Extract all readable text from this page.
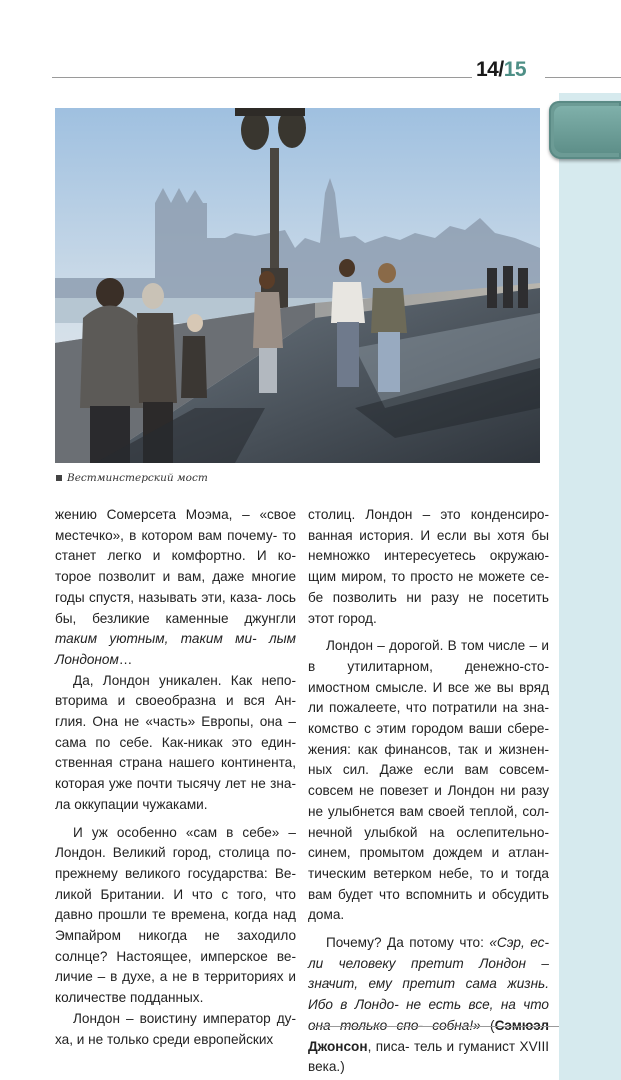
14/15
Вестминстерский мост

жению Сомерсета Моэма, – «свое местечко», в котором вам почему- то станет легко и комфортно. И ко- торое позволит и вам, даже многие годы спустя, называть эти, каза- лось бы, безликие каменные джунгли таким уютным, таким ми- лым Лондоном…

Да, Лондон уникален. Как непо- вторима и своеобразна и вся Ан- глия. Она не «часть» Европы, она – сама по себе. Как-никак это един- ственная страна нашего континента, которая уже почти тысячу лет не зна- ла оккупации чужаками.

И уж особенно «сам в себе» – Лондон. Великий город, столица по- прежнему великого государства: Ве- ликой Британии. И что с того, что давно прошли те времена, когда над Эмпайром никогда не заходило солнце? Настоящее, имперское ве- личие – в духе, а не в территориях и количестве подданных.

Лондон – воистину император ду- ха, и не только среди европейских

столиц. Лондон – это конденсиро- ванная история. И если вы хотя бы немножко интересуетесь окружаю- щим миром, то просто не можете се- бе позволить ни разу не посетить этот город.

Лондон – дорогой. В том числе – и в утилитарном, денежно-сто- имостном смысле. И все же вы вряд ли пожалеете, что потратили на зна- комство с этим городом ваши сбере- жения: как финансов, так и жизнен- ных сил. Даже если вам совсем- совсем не повезет и Лондон ни разу не улыбнется вам своей теплой, сол- нечной улыбкой на ослепительно- синем, промытом дождем и атлан- тическим ветерком небе, то и тогда вам будет что вспомнить и обсудить дома.

Почему? Да потому что: «Сэр, ес- ли человеку претит Лондон – значит, ему претит сама жизнь. Ибо в Лондо- не есть все, на что она только спо- собна!» (Сэмюэл Джонсон, писа- тель и гуманист XVIII века.)
